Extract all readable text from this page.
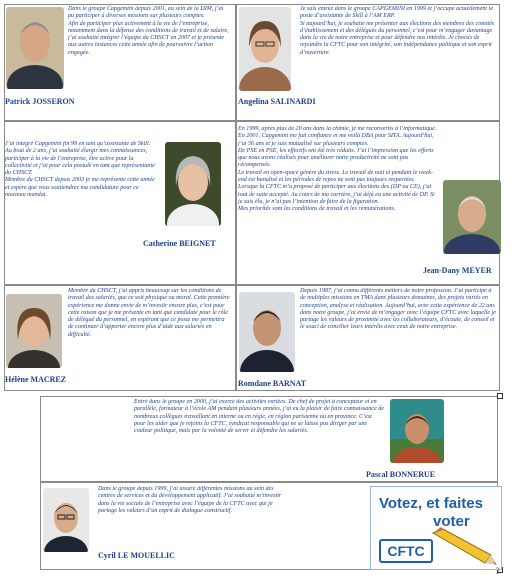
Dans le groupe Capgemini depuis 2001, au sein de la DIM, j’ai pu participer à diverses missions sur plusieurs comptes.
Afin de participer plus activement à la vie de l’entreprise, notamment dans la défense des conditions de travail et de salaire, j’ai souhaité intégrer l’équipe du CHSCT en 2007 et je présente aux autres instances cette année afin de poursuivre l’action engagée.
Patrick JOSSERON
Je suis entrée dans le groupe CAPGEMINI en 1999 et j’occupe actuellement le poste d’assistante de Skill à l’AM ERP.
Si aujourd’hui, je souhaite me présenter aux élections des membres des comités d’établissement et des délégués du personnel, c’est pour m’engager davantage dans la vie de notre entreprise et pour défendre nos intérêts. Je choisis de rejoindre la CFTC pour son intégrité, son indépendance politique et son esprit d’ouverture.
Angelina SALINARDI
J’ai intégré Capgemini fin 99 en tant qu’assistante de Skill.
Au bout de 2 ans, j’ai souhaité élargir mes connaissances, participer à la vie de l’entreprise, être active pour la collectivité et j’ai pour cela postulé en tant que représentante du CHSCT.
Membre du CHSCT depuis 2003 je me représente cette année et espère que vous soutiendrez ma candidature pour ce nouveau mandat.
Catherine BEIGNET
En 1999, après plus de 20 ans dans la chimie, je me reconvertis à l’informatique. En 2001, Capgemini me fait confiance et me voilà DBA pour SITA. Aujourd’hui, j’ai 56 ans et je suis mutualisé sur plusieurs comptes.
De PSE en PSE, les effectifs ont été très réduits. J’ai l’impression que les efforts que nous avons réalisés pour améliorer notre productivité ne sont pas récompensés.
Le travail en open-space génère du stress. Le travail de nuit et pendant le week-end est banalisé et les périodes de repos ne sont pas toujours respectées.
Lorsque la CFTC m’a proposé de participer aux élections des (DP ou CE), j’ai tout de suite accepté. Au cours de ma carrière, j’ai déjà eu une activité de DP. Si je suis élu, je n’ai pas l’intention de faire de la figuration.
Mes priorités sont les conditions de travail et les rémunérations.
Jean-Dany MEYER
Membre du CHSCT, j’ai appris beaucoup sur les conditions de travail des salariés, que ce soit physique ou moral. Cette première expérience me donne envie de m’investir encore plus, c’est pour cette raison que je me présente en tant que candidate pour le rôle de délégué du personnel, en espérant que ce poste me permettra de continuer d’apporter encore plus d’aide aux salariés en difficulté.
Hélène MACREZ
Depuis 1987, j’ai connu différents métiers de notre profession. J’ai participé à de multiples missions en TMA dans plusieurs domaines, des projets variés en conception, analyse et réalisation. Aujourd’hui, avec cette expérience de 22 ans dans notre groupe, j’ai envie de m’engager avec l’équipe CFTC avec laquelle je partage les valeurs de proximité avec les collaborateurs, d’écoute, de conseil et le souci de concilier leurs intérêts avec ceux de notre entreprise.
Romdane BARNAT
Entré dans le groupe en 2000, j’ai exercé des activités variées. De chef de projet à concepteur et en parallèle, formateur à l’école AM pendant plusieurs années, j’ai eu la plaisir de faire connaissance de nombreux collègues travaillant en interne ou en régie, en région parisienne ou en province. C’est pour les aider que je rejoins la CFTC, syndicat responsable qui ne se laisse pas diriger par une couleur politique, mais par la volonté de servir et défendre les salariés.
Pascal BONNERUE
Dans le groupe depuis 1999, j’ai assuré différentes missions au sein des centres de services et du développement applicatif. J’ai souhaité m’investir dans la vie sociale de l’entreprise avec l’équipe de la CFTC avec qui je partage les valeurs d’un esprit de dialogue constructif.
Cyril LE MOUELLIC
Votez, et faites
voter
CFTC
3
